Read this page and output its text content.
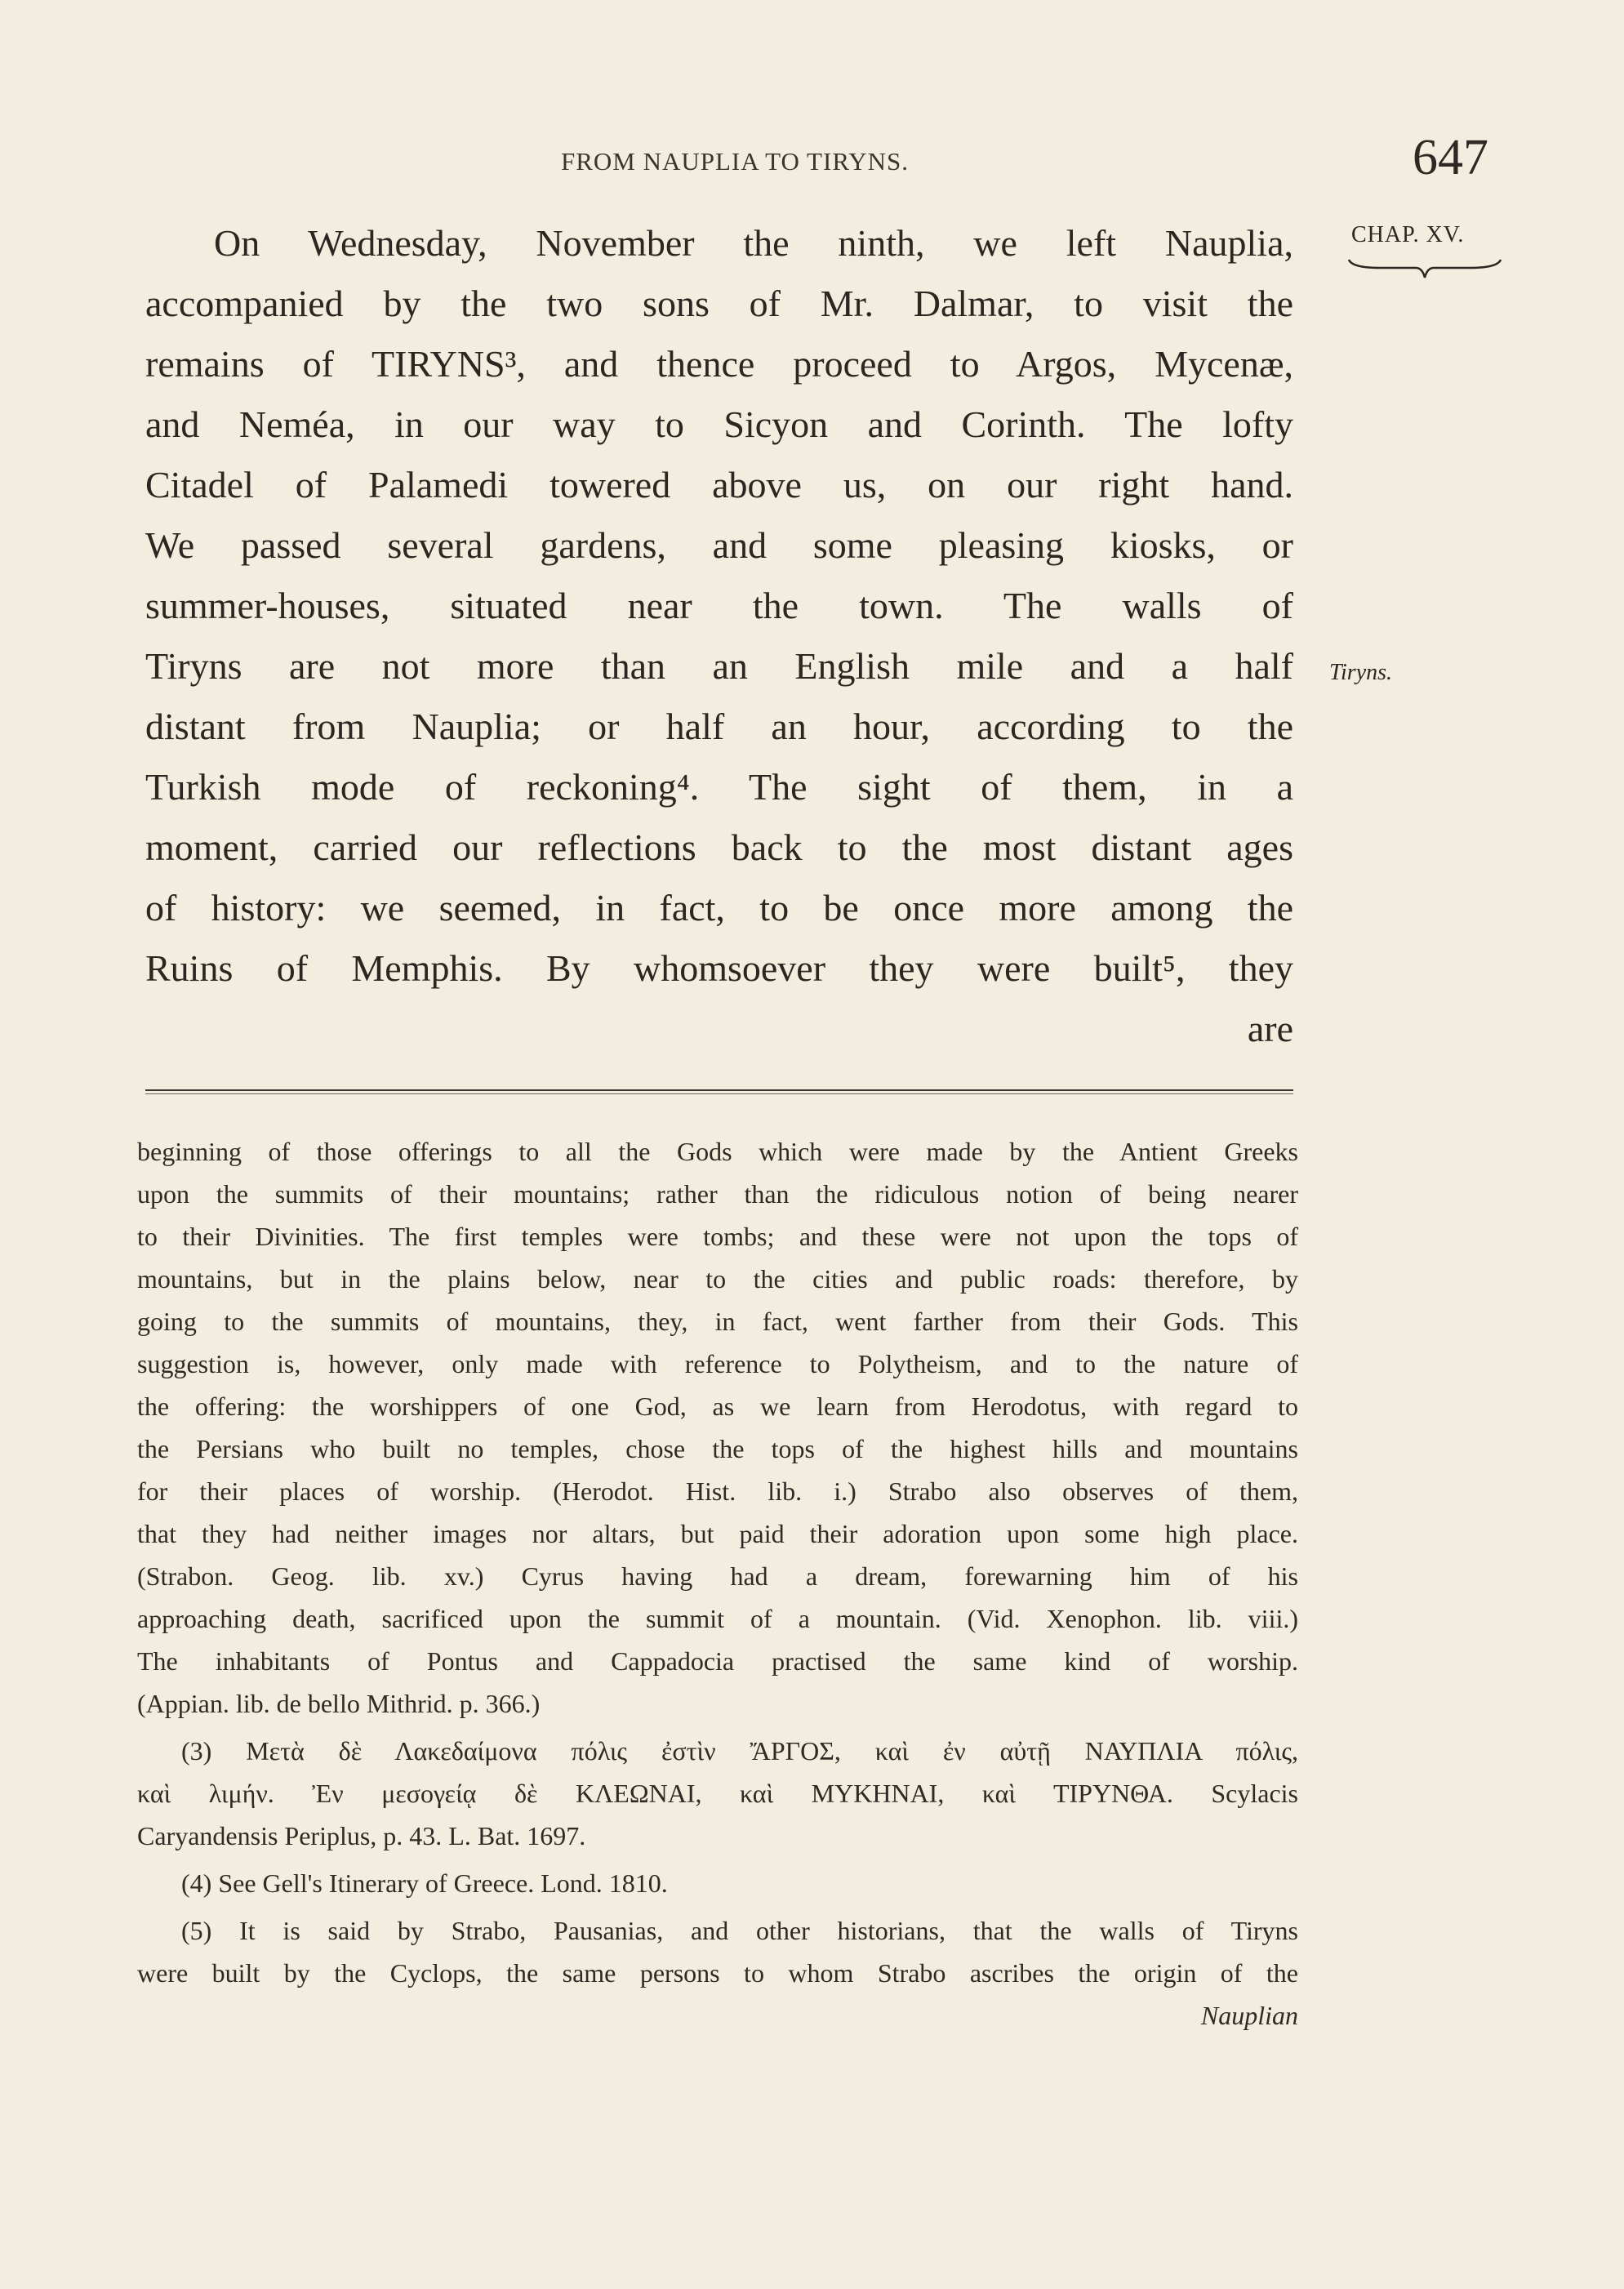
FROM NAUPLIA TO TIRYNS.	647
CHAP. XV.
Tiryns.
On Wednesday, November the ninth, we left Nauplia,
accompanied by the two sons of Mr. Dalmar, to visit the
remains of TIRYNS³, and thence proceed to Argos, Mycenæ,
and Neméa, in our way to Sicyon and Corinth. The lofty
Citadel of Palamedi towered above us, on our right hand.
We passed several gardens, and some pleasing kiosks, or
summer-houses, situated near the town. The walls of
Tiryns are not more than an English mile and a half
distant from Nauplia; or half an hour, according to the
Turkish mode of reckoning⁴. The sight of them, in a
moment, carried our reflections back to the most distant ages
of history: we seemed, in fact, to be once more among the
Ruins of Memphis. By whomsoever they were built⁵, they
are
beginning of those offerings to all the Gods which were made by the Antient Greeks
upon the summits of their mountains; rather than the ridiculous notion of being nearer
to their Divinities. The first temples were tombs; and these were not upon the tops of
mountains, but in the plains below, near to the cities and public roads: therefore, by
going to the summits of mountains, they, in fact, went farther from their Gods. This
suggestion is, however, only made with reference to Polytheism, and to the nature of
the offering: the worshippers of one God, as we learn from Herodotus, with regard to
the Persians who built no temples, chose the tops of the highest hills and mountains
for their places of worship. (Herodot. Hist. lib. i.) Strabo also observes of them,
that they had neither images nor altars, but paid their adoration upon some high place.
(Strabon. Geog. lib. xv.) Cyrus having had a dream, forewarning him of his
approaching death, sacrificed upon the summit of a mountain. (Vid. Xenophon. lib. viii.)
The inhabitants of Pontus and Cappadocia practised the same kind of worship.
(Appian. lib. de bello Mithrid. p. 366.)
(3) Μετὰ δὲ Λακεδαίμονα πόλις ἐστὶν ἌΡΓΟΣ, καὶ ἐν αὐτῇ ΝΑΥΠΛΙΑ πόλις,
καὶ λιμήν. Ἐν μεσογείᾳ δὲ ΚΛΕΩΝΑΙ, καὶ ΜΥΚΗΝΑΙ, καὶ ΤΙΡΥΝΘΑ. Scylacis
Caryandensis Periplus, p. 43. L. Bat. 1697.
(4) See Gell's Itinerary of Greece. Lond. 1810.
(5) It is said by Strabo, Pausanias, and other historians, that the walls of Tiryns
were built by the Cyclops, the same persons to whom Strabo ascribes the origin of the
Nauplian
